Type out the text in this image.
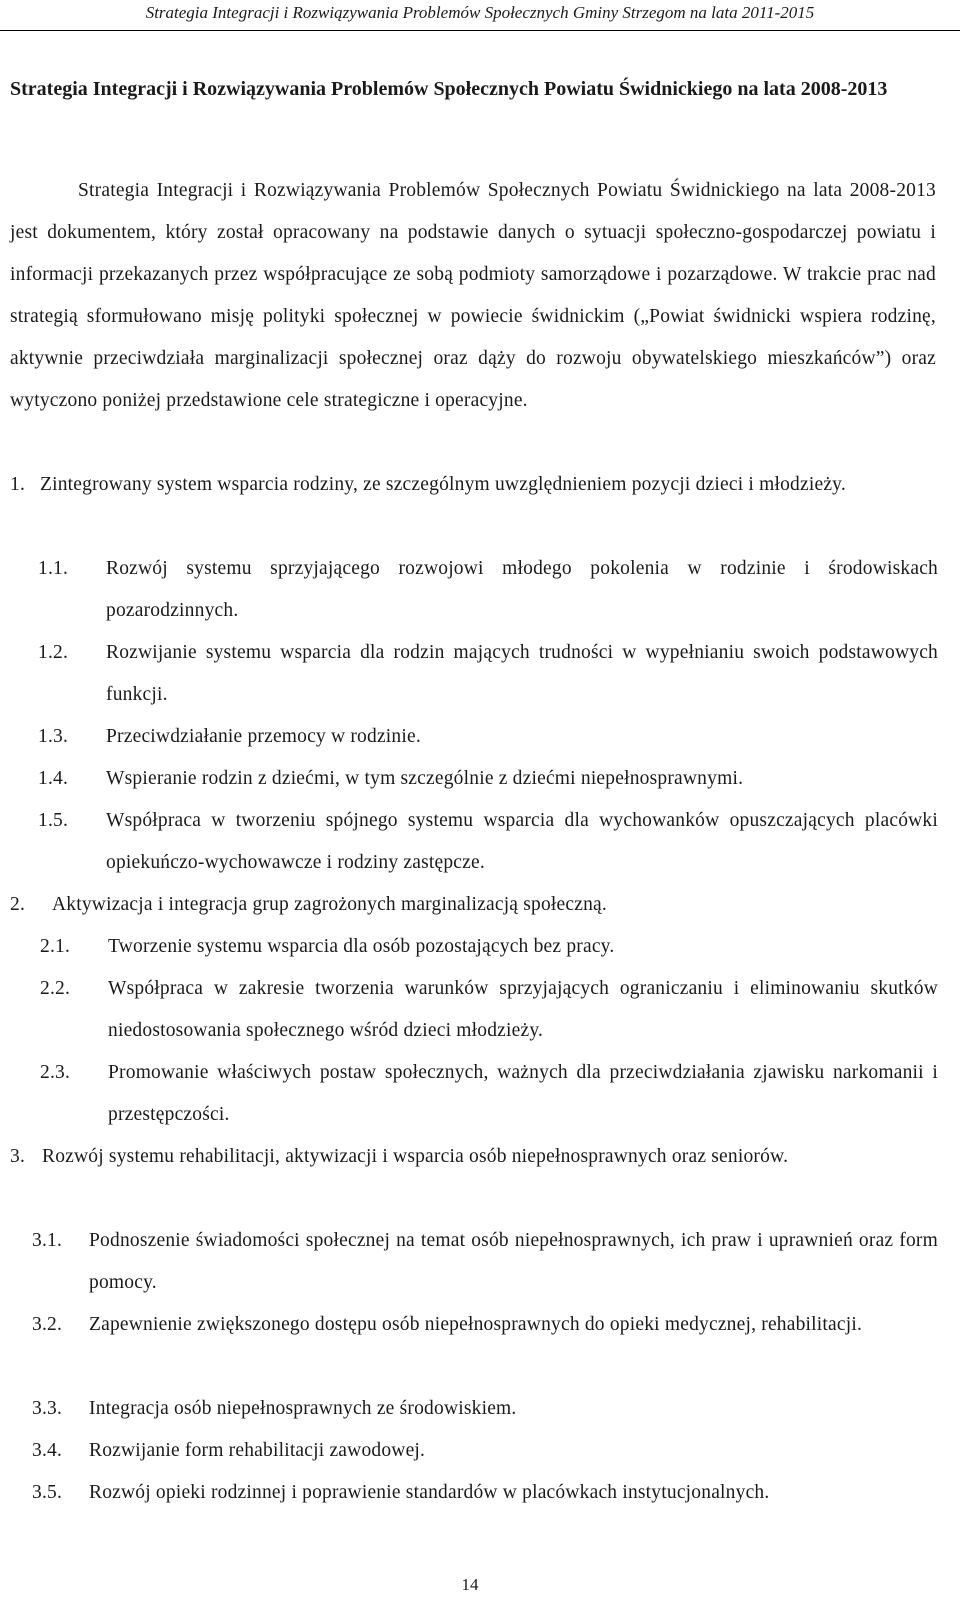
Strategia Integracji i Rozwiązywania Problemów Społecznych Gminy Strzegom na lata 2011-2015
Strategia Integracji i Rozwiązywania Problemów Społecznych Powiatu Świdnickiego na lata 2008-2013

Strategia Integracji i Rozwiązywania Problemów Społecznych Powiatu Świdnickiego na lata 2008-2013 jest dokumentem, który został opracowany na podstawie danych o sytuacji społeczno-gospodarczej powiatu i informacji przekazanych przez współpracujące ze sobą podmioty samorządowe i pozarządowe. W trakcie prac nad strategią sformułowano misję polityki społecznej w powiecie świdnickim („Powiat świdnicki wspiera rodzinę, aktywnie przeciwdziała marginalizacji społecznej oraz dąży do rozwoju obywatelskiego mieszkańców”) oraz wytyczono poniżej przedstawione cele strategiczne i operacyjne.

1. Zintegrowany system wsparcia rodziny, ze szczególnym uwzględnieniem pozycji dzieci i młodzieży.
1.1.	Rozwój systemu sprzyjającego rozwojowi młodego pokolenia w rodzinie i środowiskach pozarodzinnych.
1.2.	Rozwijanie systemu wsparcia dla rodzin mających trudności w wypełnianiu swoich podstawowych funkcji.
1.3.	Przeciwdziałanie przemocy w rodzinie.
1.4.	Wspieranie rodzin z dziećmi, w tym szczególnie z dziećmi niepełnosprawnymi.
1.5.	Współpraca w tworzeniu spójnego systemu wsparcia dla wychowanków opuszczających placówki opiekuńczo-wychowawcze i rodziny zastępcze.
2.	Aktywizacja i integracja grup zagrożonych marginalizacją społeczną.
2.1.	Tworzenie systemu wsparcia dla osób pozostających bez pracy.
2.2.	Współpraca w zakresie tworzenia warunków sprzyjających ograniczaniu i eliminowaniu skutków niedostosowania społecznego wśród dzieci młodzieży.
2.3.	Promowanie właściwych postaw społecznych, ważnych dla przeciwdziałania zjawisku narkomanii i przestępczości.
3. Rozwój systemu rehabilitacji, aktywizacji i wsparcia osób niepełnosprawnych oraz seniorów.
3.1.	Podnoszenie świadomości społecznej na temat osób niepełnosprawnych, ich praw i uprawnień oraz form pomocy.
3.2.	Zapewnienie zwiększonego dostępu osób niepełnosprawnych do opieki medycznej, rehabilitacji.
3.3.	Integracja osób niepełnosprawnych ze środowiskiem.
3.4.	Rozwijanie form rehabilitacji zawodowej.
3.5.	Rozwój opieki rodzinnej i poprawienie standardów w placówkach instytucjonalnych.
14
